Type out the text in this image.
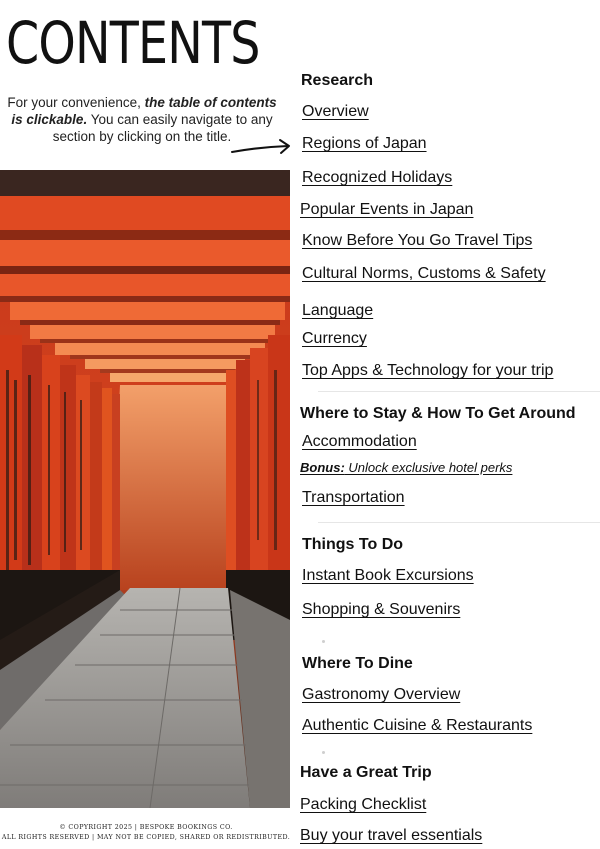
CONTENTS
For your convenience, the table of contents is clickable. You can easily navigate to any section by clicking on the title.
© COPYRIGHT 2025 | BESPOKE BOOKINGS CO.
ALL RIGHTS RESERVED | MAY NOT BE COPIED, SHARED OR REDISTRIBUTED.
Research
Overview
Regions of Japan
Recognized Holidays
Popular Events in Japan
Know Before You Go Travel Tips
Cultural Norms, Customs & Safety
Language
Currency
Top Apps & Technology for your trip
Where to Stay & How To Get Around
Accommodation
Bonus: Unlock exclusive hotel perks
Transportation
Things To Do
Instant Book Excursions
Shopping & Souvenirs
Where To Dine
Gastronomy Overview
Authentic Cuisine & Restaurants
Have a Great Trip
Packing Checklist
Buy your travel essentials
